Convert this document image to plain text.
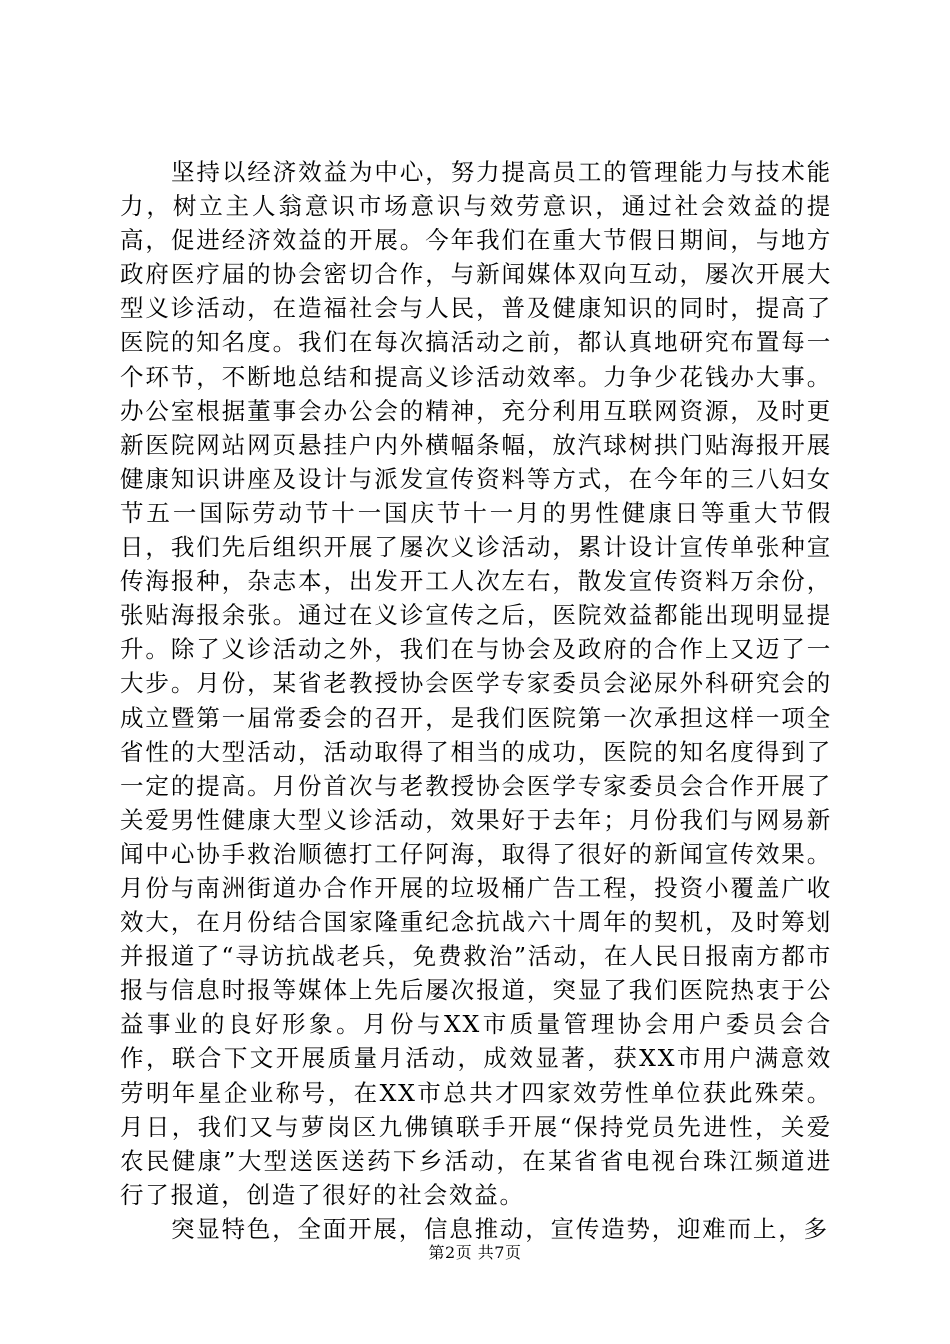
坚持以经济效益为中心，努力提高员工的管理能力与技术能力，树立主人翁意识市场意识与效劳意识，通过社会效益的提高，促进经济效益的开展。今年我们在重大节假日期间，与地方政府医疗届的协会密切合作，与新闻媒体双向互动，屡次开展大型义诊活动，在造福社会与人民，普及健康知识的同时，提高了医院的知名度。我们在每次搞活动之前，都认真地研究布置每一个环节，不断地总结和提高义诊活动效率。力争少花钱办大事。办公室根据董事会办公会的精神，充分利用互联网资源，及时更新医院网站网页悬挂户内外横幅条幅，放汽球树拱门贴海报开展健康知识讲座及设计与派发宣传资料等方式，在今年的三八妇女节五一国际劳动节十一国庆节十一月的男性健康日等重大节假日，我们先后组织开展了屡次义诊活动，累计设计宣传单张种宣传海报种，杂志本，出发开工人次左右，散发宣传资料万余份，张贴海报余张。通过在义诊宣传之后，医院效益都能出现明显提升。除了义诊活动之外，我们在与协会及政府的合作上又迈了一大步。月份，某省老教授协会医学专家委员会泌尿外科研究会的成立暨第一届常委会的召开，是我们医院第一次承担这样一项全省性的大型活动，活动取得了相当的成功，医院的知名度得到了一定的提高。月份首次与老教授协会医学专家委员会合作开展了关爱男性健康大型义诊活动，效果好于去年；月份我们与网易新闻中心协手救治顺德打工仔阿海，取得了很好的新闻宣传效果。月份与南洲街道办合作开展的垃圾桶广告工程，投资小覆盖广收效大，在月份结合国家隆重纪念抗战六十周年的契机，及时筹划并报道了“寻访抗战老兵，免费救治”活动，在人民日报南方都市报与信息时报等媒体上先后屡次报道，突显了我们医院热衷于公益事业的良好形象。月份与XX市质量管理协会用户委员会合作，联合下文开展质量月活动，成效显著，获XX市用户满意效劳明年星企业称号，在XX市总共才四家效劳性单位获此殊荣。月日，我们又与萝岗区九佛镇联手开展“保持党员先进性，关爱农民健康”大型送医送药下乡活动，在某省省电视台珠江频道进行了报道，创造了很好的社会效益。

突显特色，全面开展，信息推动，宣传造势，迎难而上，多

第2页 共7页
